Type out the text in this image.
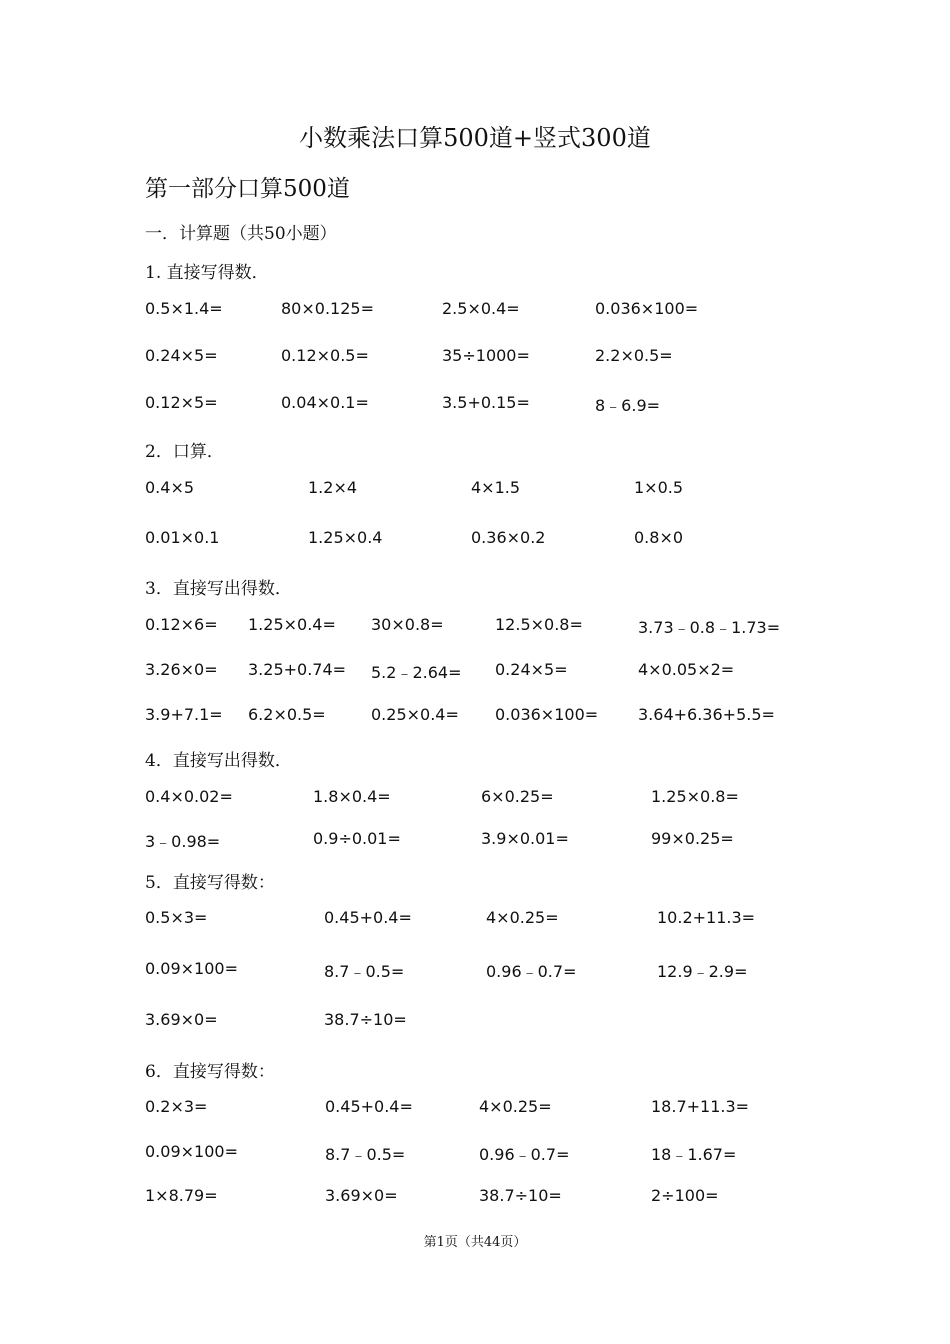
小数乘法口算500道+竖式300道
第一部分口算500道
一．计算题（共50小题）
1. 直接写得数．
0.5×1.4=	80×0.125=	2.5×0.4=	0.036×100=
0.24×5=	0.12×0.5=	35÷1000=	2.2×0.5=
0.12×5=	0.04×0.1=	3.5+0.15=	8﹣6.9=
2．口算．
0.4×5	1.2×4	4×1.5	1×0.5
0.01×0.1	1.25×0.4	0.36×0.2	0.8×0
3．直接写出得数．
0.12×6= 1.25×0.4= 30×0.8=	12.5×0.8=	3.73﹣0.8﹣1.73=
3.26×0= 3.25+0.74= 5.2﹣2.64= 0.24×5=	4×0.05×2=
3.9+7.1= 6.2×0.5=	0.25×0.4= 0.036×100= 3.64+6.36+5.5=
4．直接写出得数．
0.4×0.02=	1.8×0.4=	6×0.25=	1.25×0.8=
3﹣0.98=	0.9÷0.01=	3.9×0.01=	99×0.25=
5．直接写得数：
0.5×3=	0.45+0.4=	4×0.25=	10.2+11.3=
0.09×100=	8.7﹣0.5=	0.96﹣0.7=	12.9﹣2.9=
3.69×0=	38.7÷10=
6．直接写得数：
0.2×3=	0.45+0.4=	4×0.25=	18.7+11.3=
0.09×100=	8.7﹣0.5=	0.96﹣0.7=	18﹣1.67=
1×8.79=	3.69×0=	38.7÷10=	2÷100=
第1页（共44页）
